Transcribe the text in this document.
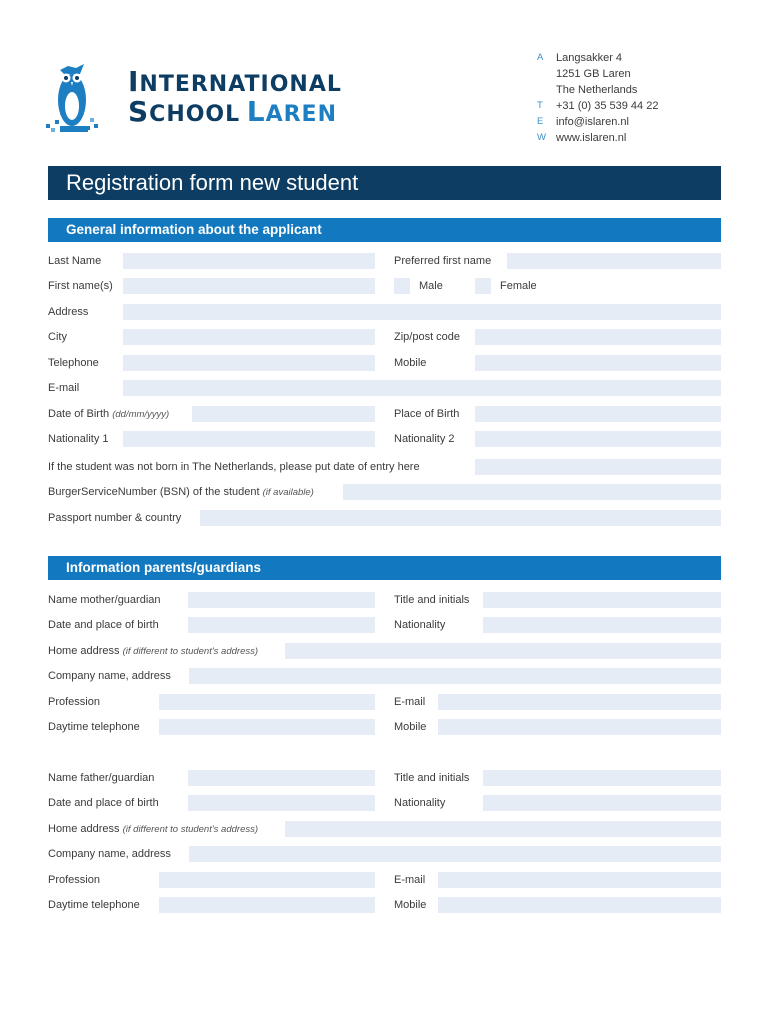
INTERNATIONAL
SCHOOL LAREN
A	Langsakker 4
1251 GB Laren
The Netherlands
T	+31 (0) 35 539 44 22
E	info@islaren.nl
W www.islaren.nl
Registration form new student
General information about the applicant
Last Name	Preferred first name
First name(s)	Male	Female
Address
City	Zip/post code
Telephone	Mobile
E-mail
Date of Birth (dd/mm/yyyy)	Place of Birth
Nationality 1	Nationality 2
If the student was not born in The Netherlands, please put date of entry here
BurgerServiceNumber (BSN) of the student (if available)
Passport number & country
Information parents/guardians
Name mother/guardian	Title and initials
Date and place of birth	Nationality
Home address (if different to student's address)
Company name, address
Profession	E-mail
Daytime telephone	Mobile
Name father/guardian	Title and initials
Date and place of birth	Nationality
Home address (if different to student's address)
Company name, address
Profession	E-mail
Daytime telephone	Mobile
